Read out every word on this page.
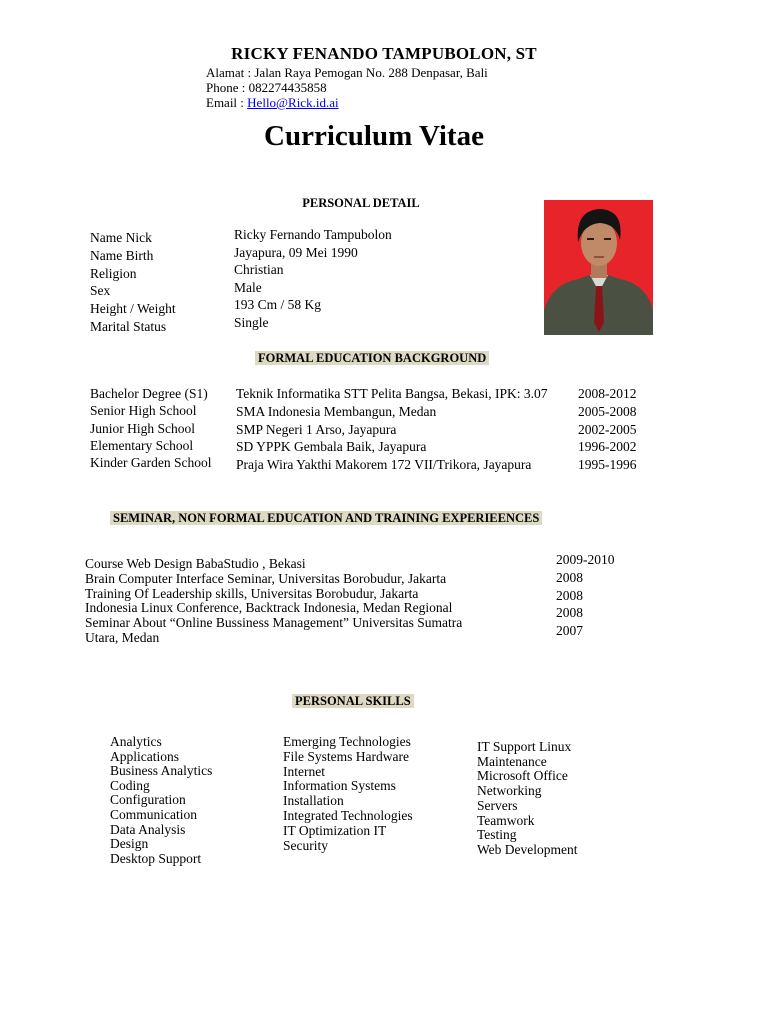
RICKY FENANDO TAMPUBOLON, ST
Alamat : Jalan Raya Pemogan No. 288 Denpasar, Bali
Phone : 082274435858
Email : Hello@Rick.id.ai
Curriculum Vitae
PERSONAL DETAIL
Name Nick
Name Birth
Religion
Sex
Height / Weight
Marital Status
Ricky Fernando Tampubolon
Jayapura, 09 Mei 1990
Christian
Male
193 Cm / 58 Kg
Single
FORMAL EDUCATION BACKGROUND
Bachelor Degree (S1)
Senior High School
Junior High School
Elementary School
Kinder Garden School
Teknik Informatika STT Pelita Bangsa, Bekasi, IPK: 3.07
SMA Indonesia Membangun, Medan
SMP Negeri 1 Arso, Jayapura
SD YPPK Gembala Baik, Jayapura
Praja Wira Yakthi Makorem 172 VII/Trikora, Jayapura
2008-2012
2005-2008
2002-2005
1996-2002
1995-1996
SEMINAR, NON FORMAL EDUCATION AND TRAINING EXPERIEENCES
Course Web Design BabaStudio , Bekasi
Brain Computer Interface Seminar, Universitas Borobudur, Jakarta
Training Of Leadership skills, Universitas Borobudur, Jakarta
Indonesia Linux Conference, Backtrack Indonesia, Medan Regional
Seminar About “Online Bussiness Management” Universitas Sumatra
Utara, Medan
2009-2010
2008
2008
2008
2007
PERSONAL SKILLS
Analytics
Applications
Business Analytics
Coding
Configuration
Communication
Data Analysis
Design
Desktop Support
Emerging Technologies
File Systems Hardware
Internet
Information Systems
Installation
Integrated Technologies
IT Optimization IT
Security
IT Support Linux
Maintenance
Microsoft Office
Networking
Servers
Teamwork
Testing
Web Development
